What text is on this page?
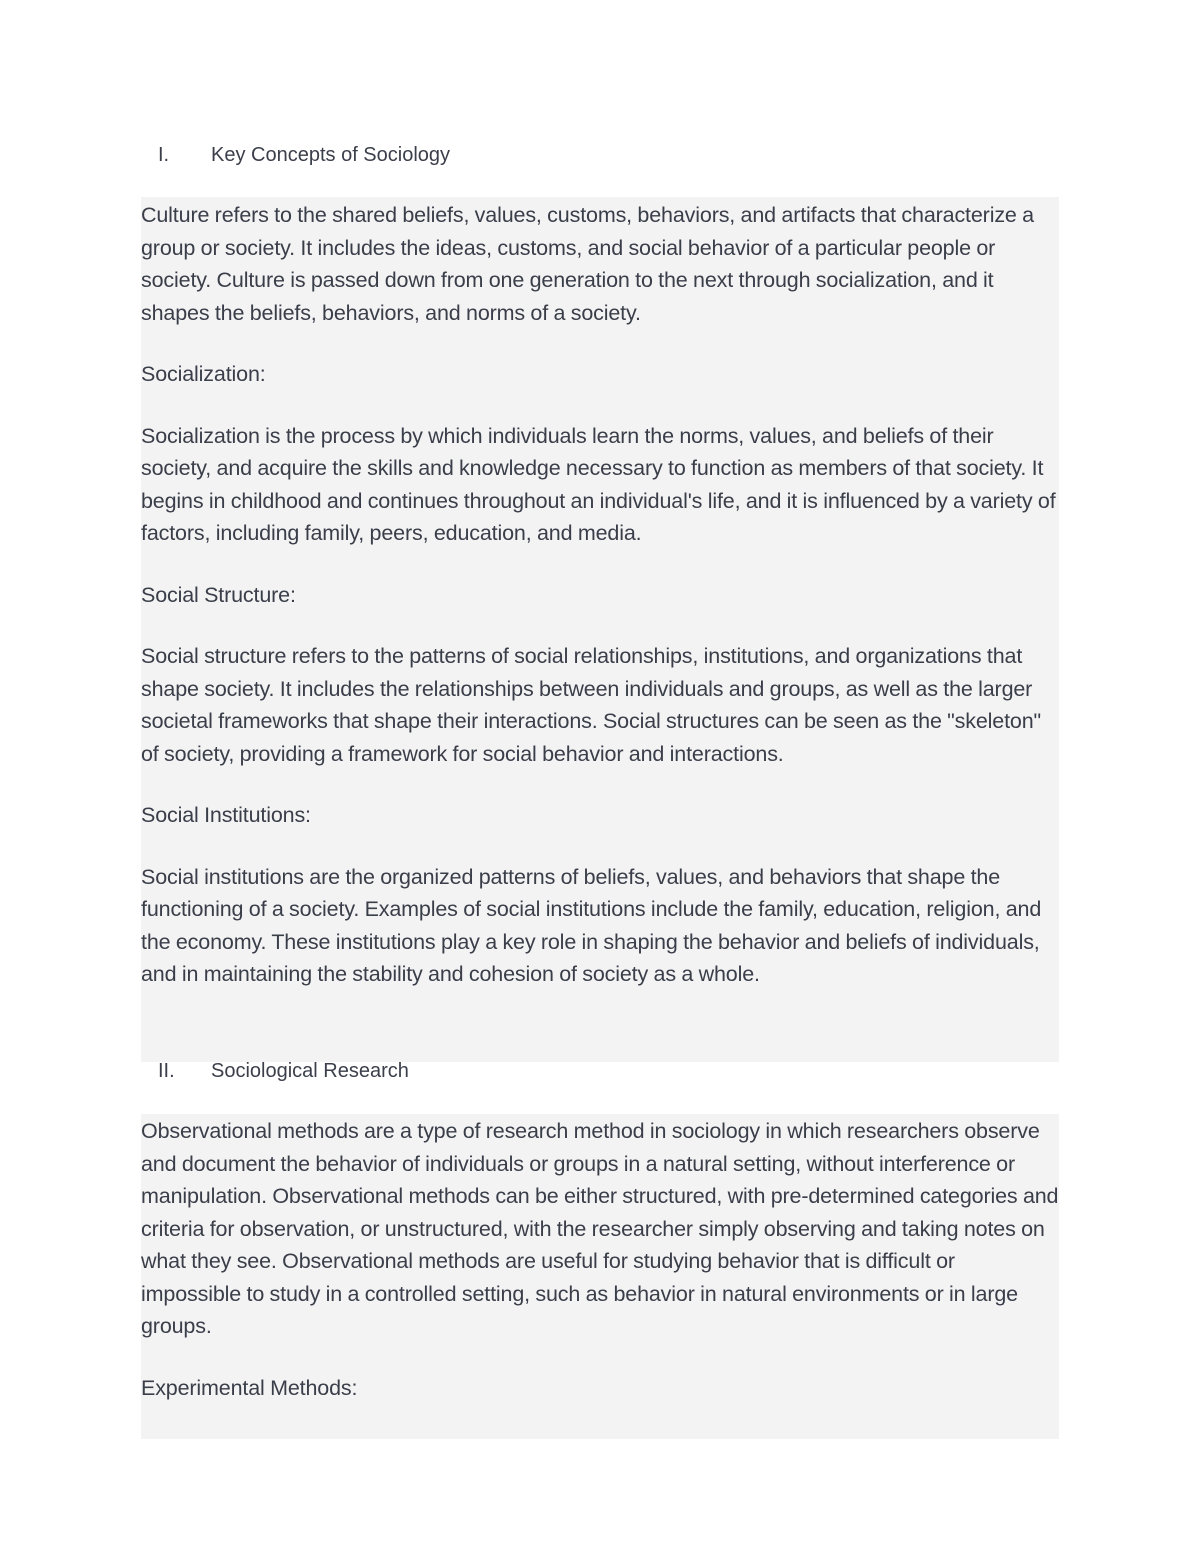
I. Key Concepts of Sociology

Culture refers to the shared beliefs, values, customs, behaviors, and artifacts that characterize a group or society. It includes the ideas, customs, and social behavior of a particular people or society. Culture is passed down from one generation to the next through socialization, and it shapes the beliefs, behaviors, and norms of a society.

Socialization:

Socialization is the process by which individuals learn the norms, values, and beliefs of their society, and acquire the skills and knowledge necessary to function as members of that society. It begins in childhood and continues throughout an individual's life, and it is influenced by a variety of factors, including family, peers, education, and media.

Social Structure:

Social structure refers to the patterns of social relationships, institutions, and organizations that shape society. It includes the relationships between individuals and groups, as well as the larger societal frameworks that shape their interactions. Social structures can be seen as the "skeleton" of society, providing a framework for social behavior and interactions.

Social Institutions:

Social institutions are the organized patterns of beliefs, values, and behaviors that shape the functioning of a society. Examples of social institutions include the family, education, religion, and the economy. These institutions play a key role in shaping the behavior and beliefs of individuals, and in maintaining the stability and cohesion of society as a whole.

II. Sociological Research

Observational methods are a type of research method in sociology in which researchers observe and document the behavior of individuals or groups in a natural setting, without interference or manipulation. Observational methods can be either structured, with pre-determined categories and criteria for observation, or unstructured, with the researcher simply observing and taking notes on what they see. Observational methods are useful for studying behavior that is difficult or impossible to study in a controlled setting, such as behavior in natural environments or in large groups.

Experimental Methods:
